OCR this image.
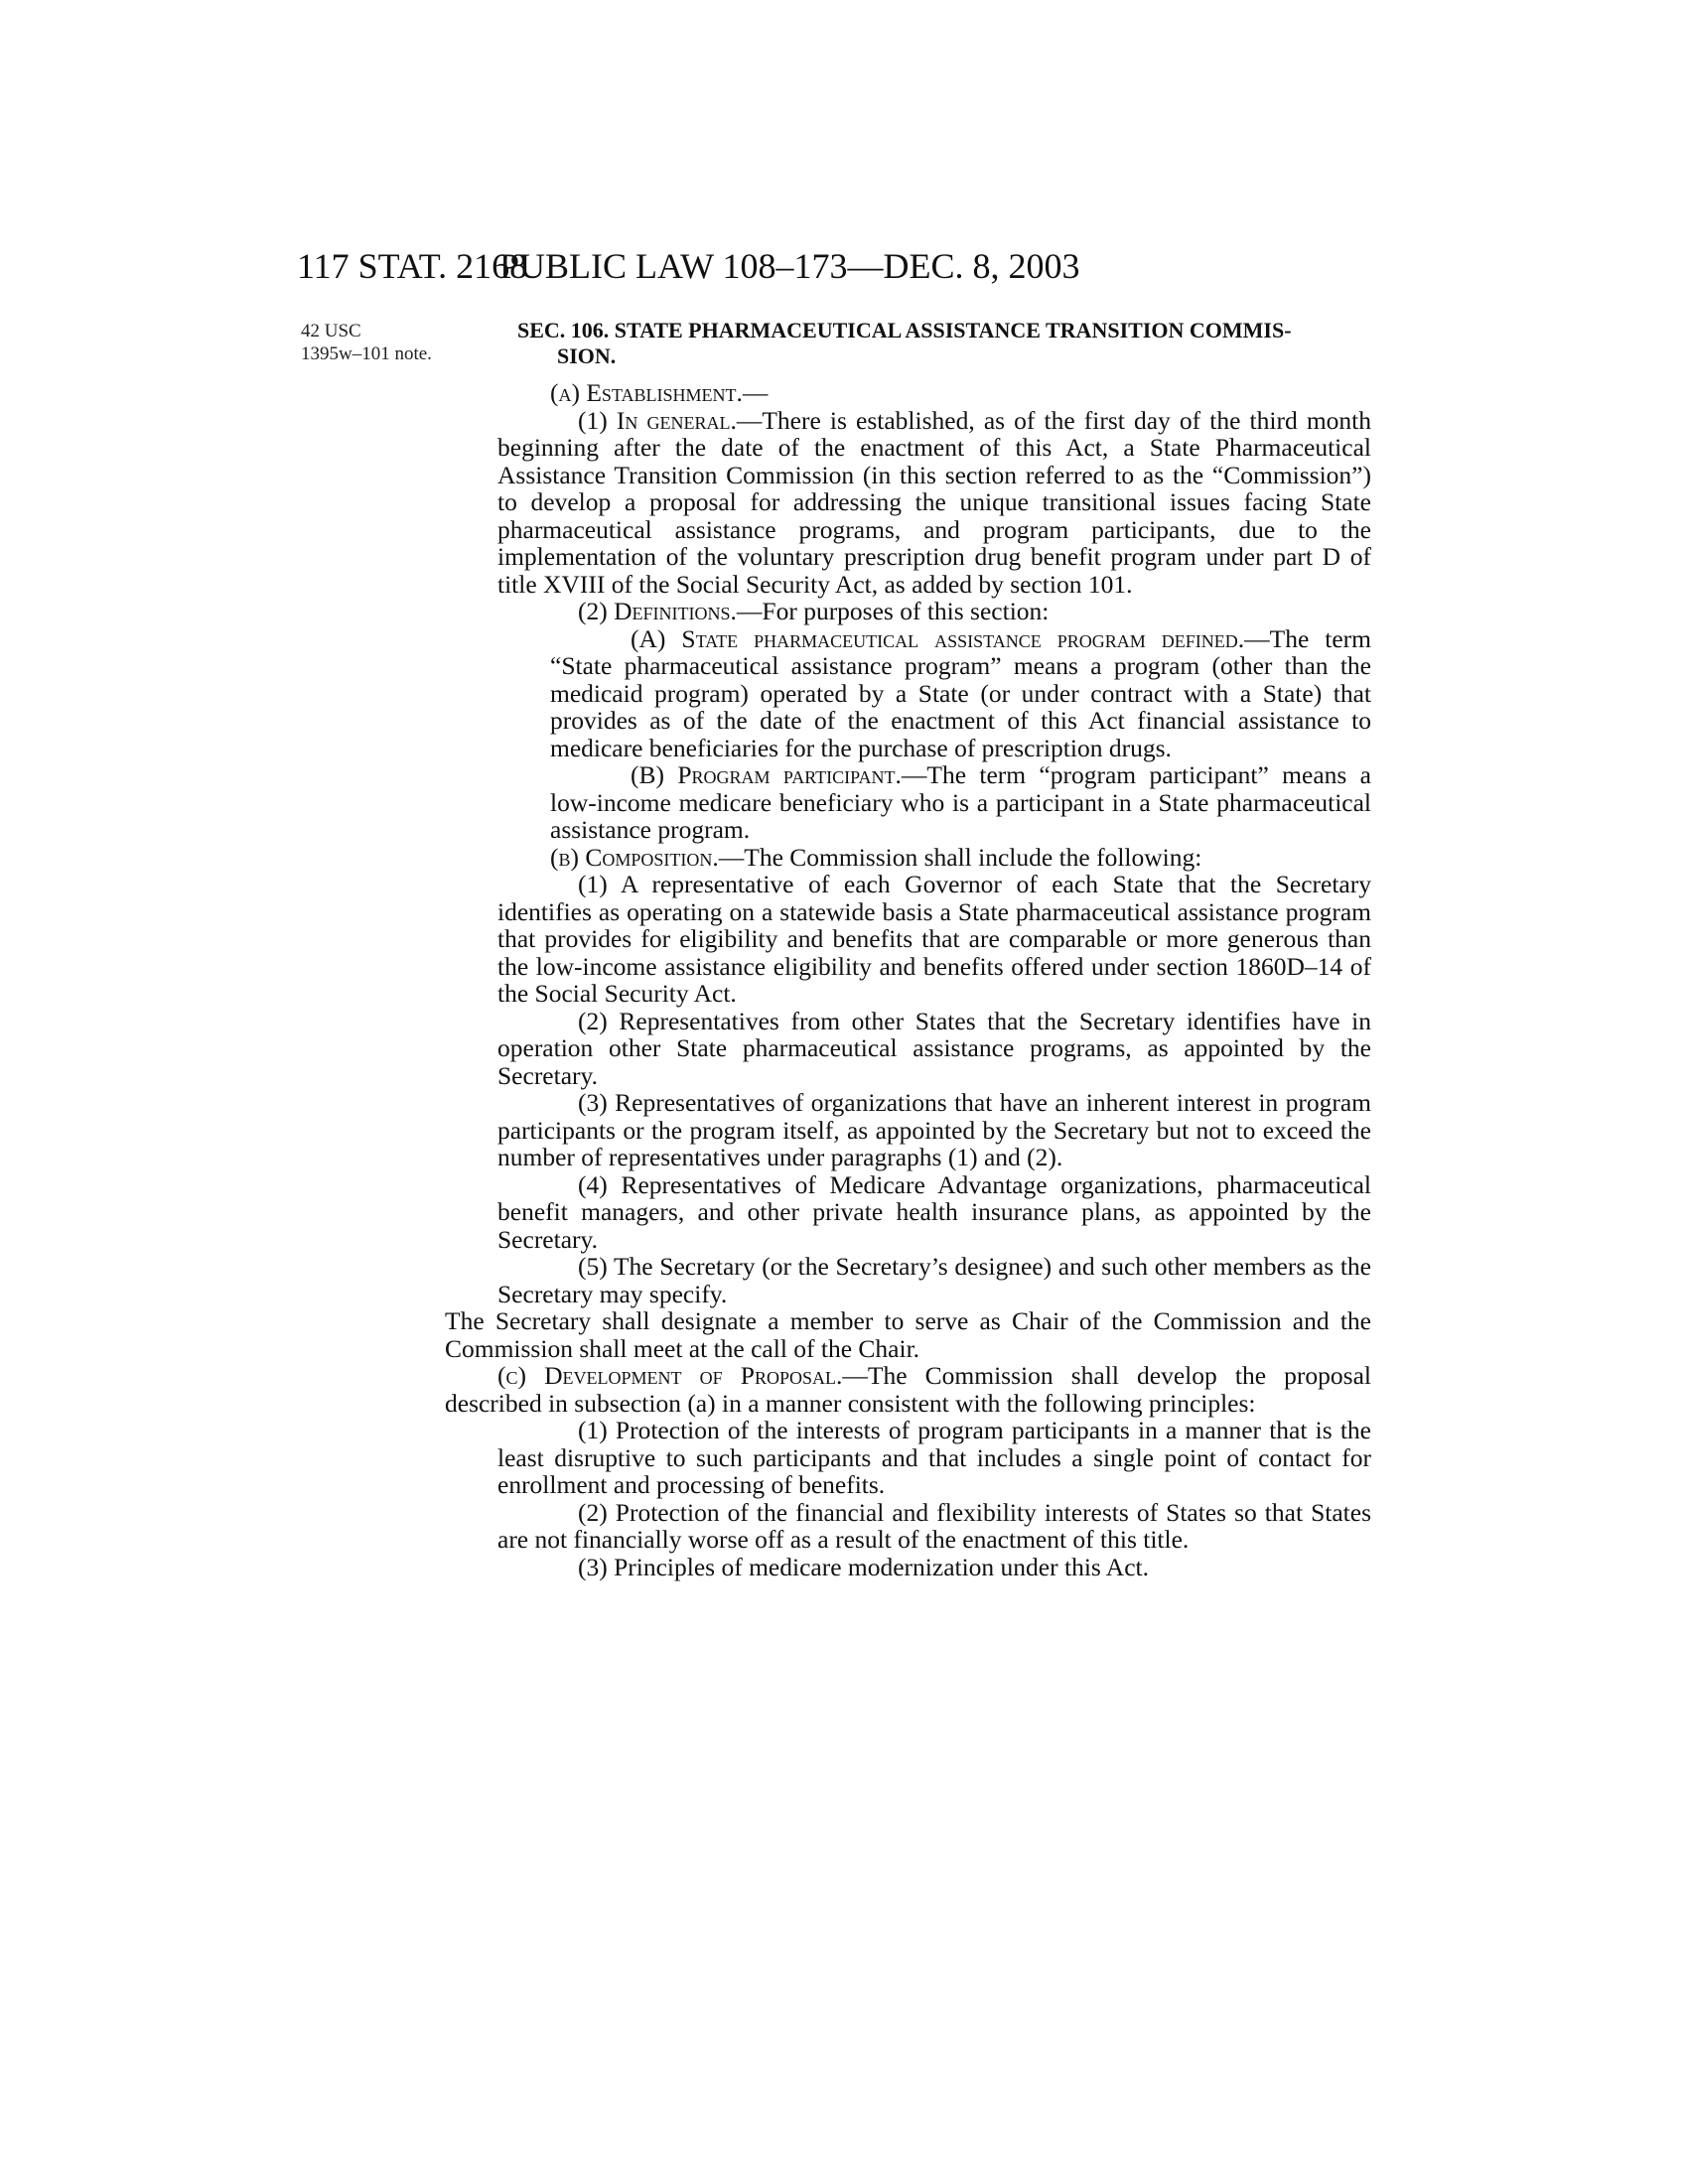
117 STAT. 2168
PUBLIC LAW 108–173—DEC. 8, 2003
42 USC
1395w–101 note.
SEC. 106. STATE PHARMACEUTICAL ASSISTANCE TRANSITION COMMIS-
SION.

(a) Establishment.—

(1) In general.—There is established, as of the first day of the third month beginning after the date of the enactment of this Act, a State Pharmaceutical Assistance Transition Commission (in this section referred to as the “Commission”) to develop a proposal for addressing the unique transitional issues facing State pharmaceutical assistance programs, and program participants, due to the implementation of the voluntary prescription drug benefit program under part D of title XVIII of the Social Security Act, as added by section 101.

(2) Definitions.—For purposes of this section:

(A) State pharmaceutical assistance program defined.—The term “State pharmaceutical assistance program” means a program (other than the medicaid program) operated by a State (or under contract with a State) that provides as of the date of the enactment of this Act financial assistance to medicare beneficiaries for the purchase of prescription drugs.

(B) Program participant.—The term “program participant” means a low-income medicare beneficiary who is a participant in a State pharmaceutical assistance program.

(b) Composition.—The Commission shall include the following:

(1) A representative of each Governor of each State that the Secretary identifies as operating on a statewide basis a State pharmaceutical assistance program that provides for eligibility and benefits that are comparable or more generous than the low-income assistance eligibility and benefits offered under section 1860D–14 of the Social Security Act.

(2) Representatives from other States that the Secretary identifies have in operation other State pharmaceutical assistance programs, as appointed by the Secretary.

(3) Representatives of organizations that have an inherent interest in program participants or the program itself, as appointed by the Secretary but not to exceed the number of representatives under paragraphs (1) and (2).

(4) Representatives of Medicare Advantage organizations, pharmaceutical benefit managers, and other private health insurance plans, as appointed by the Secretary.

(5) The Secretary (or the Secretary’s designee) and such other members as the Secretary may specify.

The Secretary shall designate a member to serve as Chair of the Commission and the Commission shall meet at the call of the Chair.

(c) Development of Proposal.—The Commission shall develop the proposal described in subsection (a) in a manner consistent with the following principles:

(1) Protection of the interests of program participants in a manner that is the least disruptive to such participants and that includes a single point of contact for enrollment and processing of benefits.

(2) Protection of the financial and flexibility interests of States so that States are not financially worse off as a result of the enactment of this title.

(3) Principles of medicare modernization under this Act.
